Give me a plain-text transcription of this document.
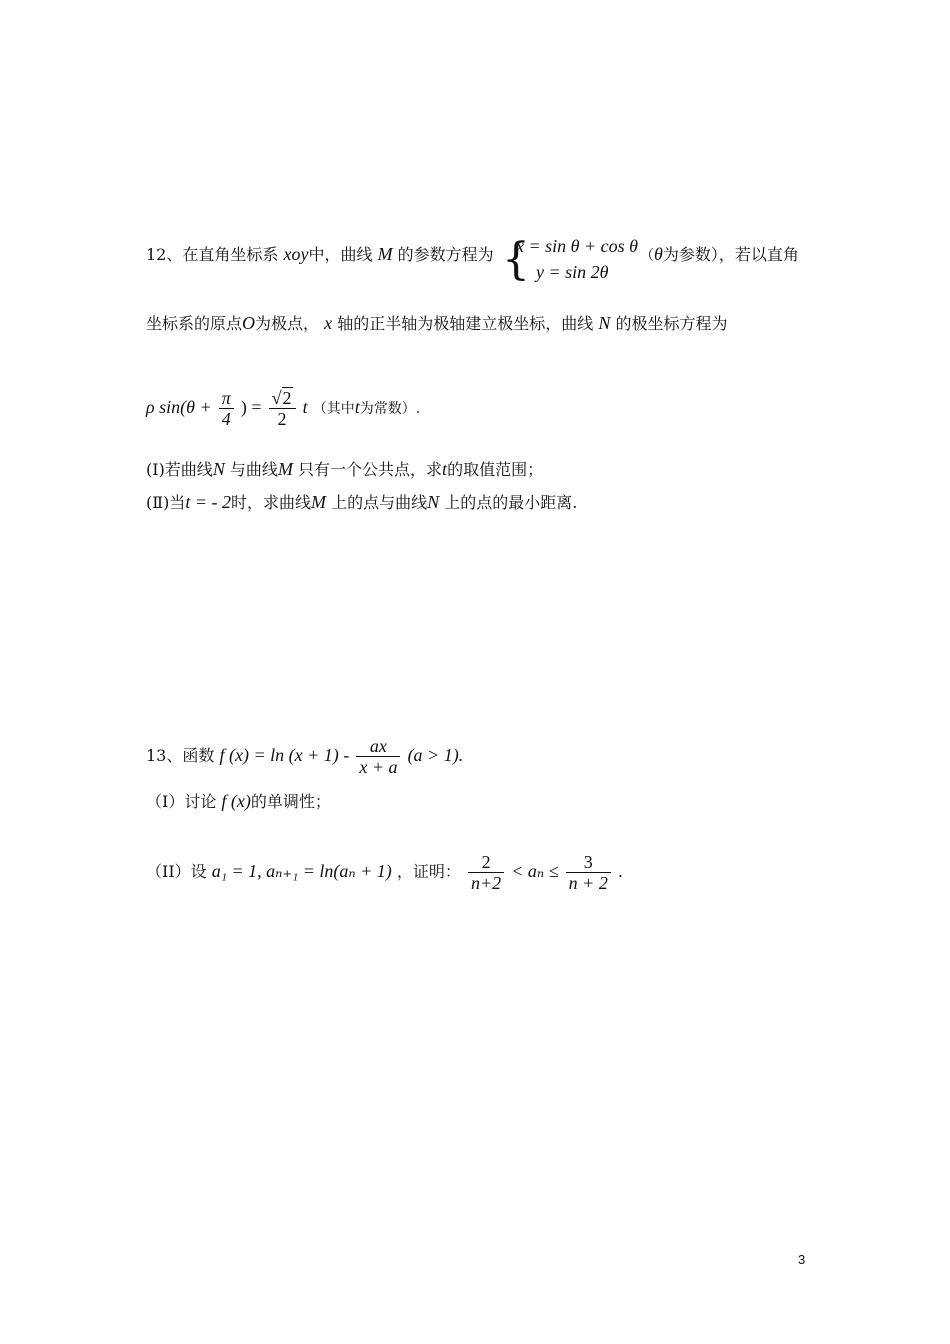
12、在直角坐标系 xoy中，曲线 M 的参数方程为 {
x = sin θ + cos θ
y = sin 2θ
（θ为参数），若以直角
坐标系的原点O为极点， x 轴的正半轴为极轴建立极坐标，曲线 N 的极坐标方程为
ρ $\sin(\theta + \frac{\pi}{4}$ ) = $\frac{√2}{2}$ t （其中t为常数）.
(Ⅰ)若曲线N 与曲线M 只有一个公共点，求t的取值范围；
(Ⅱ)当t = - 2时，求曲线M 上的点与曲线N 上的点的最小距离.
13、函数 f $(x) = \ln (x + 1) - \frac{ax}{x + a} (a > 1)$.
（I）讨论 f (x)的单调性；
（II）设 a₁ = 1, aₙ₊₁ = ln(aₙ + 1) ，证明： $\frac{2}{n+2} < a_n \le \frac{3}{n + 2}$ .
3
